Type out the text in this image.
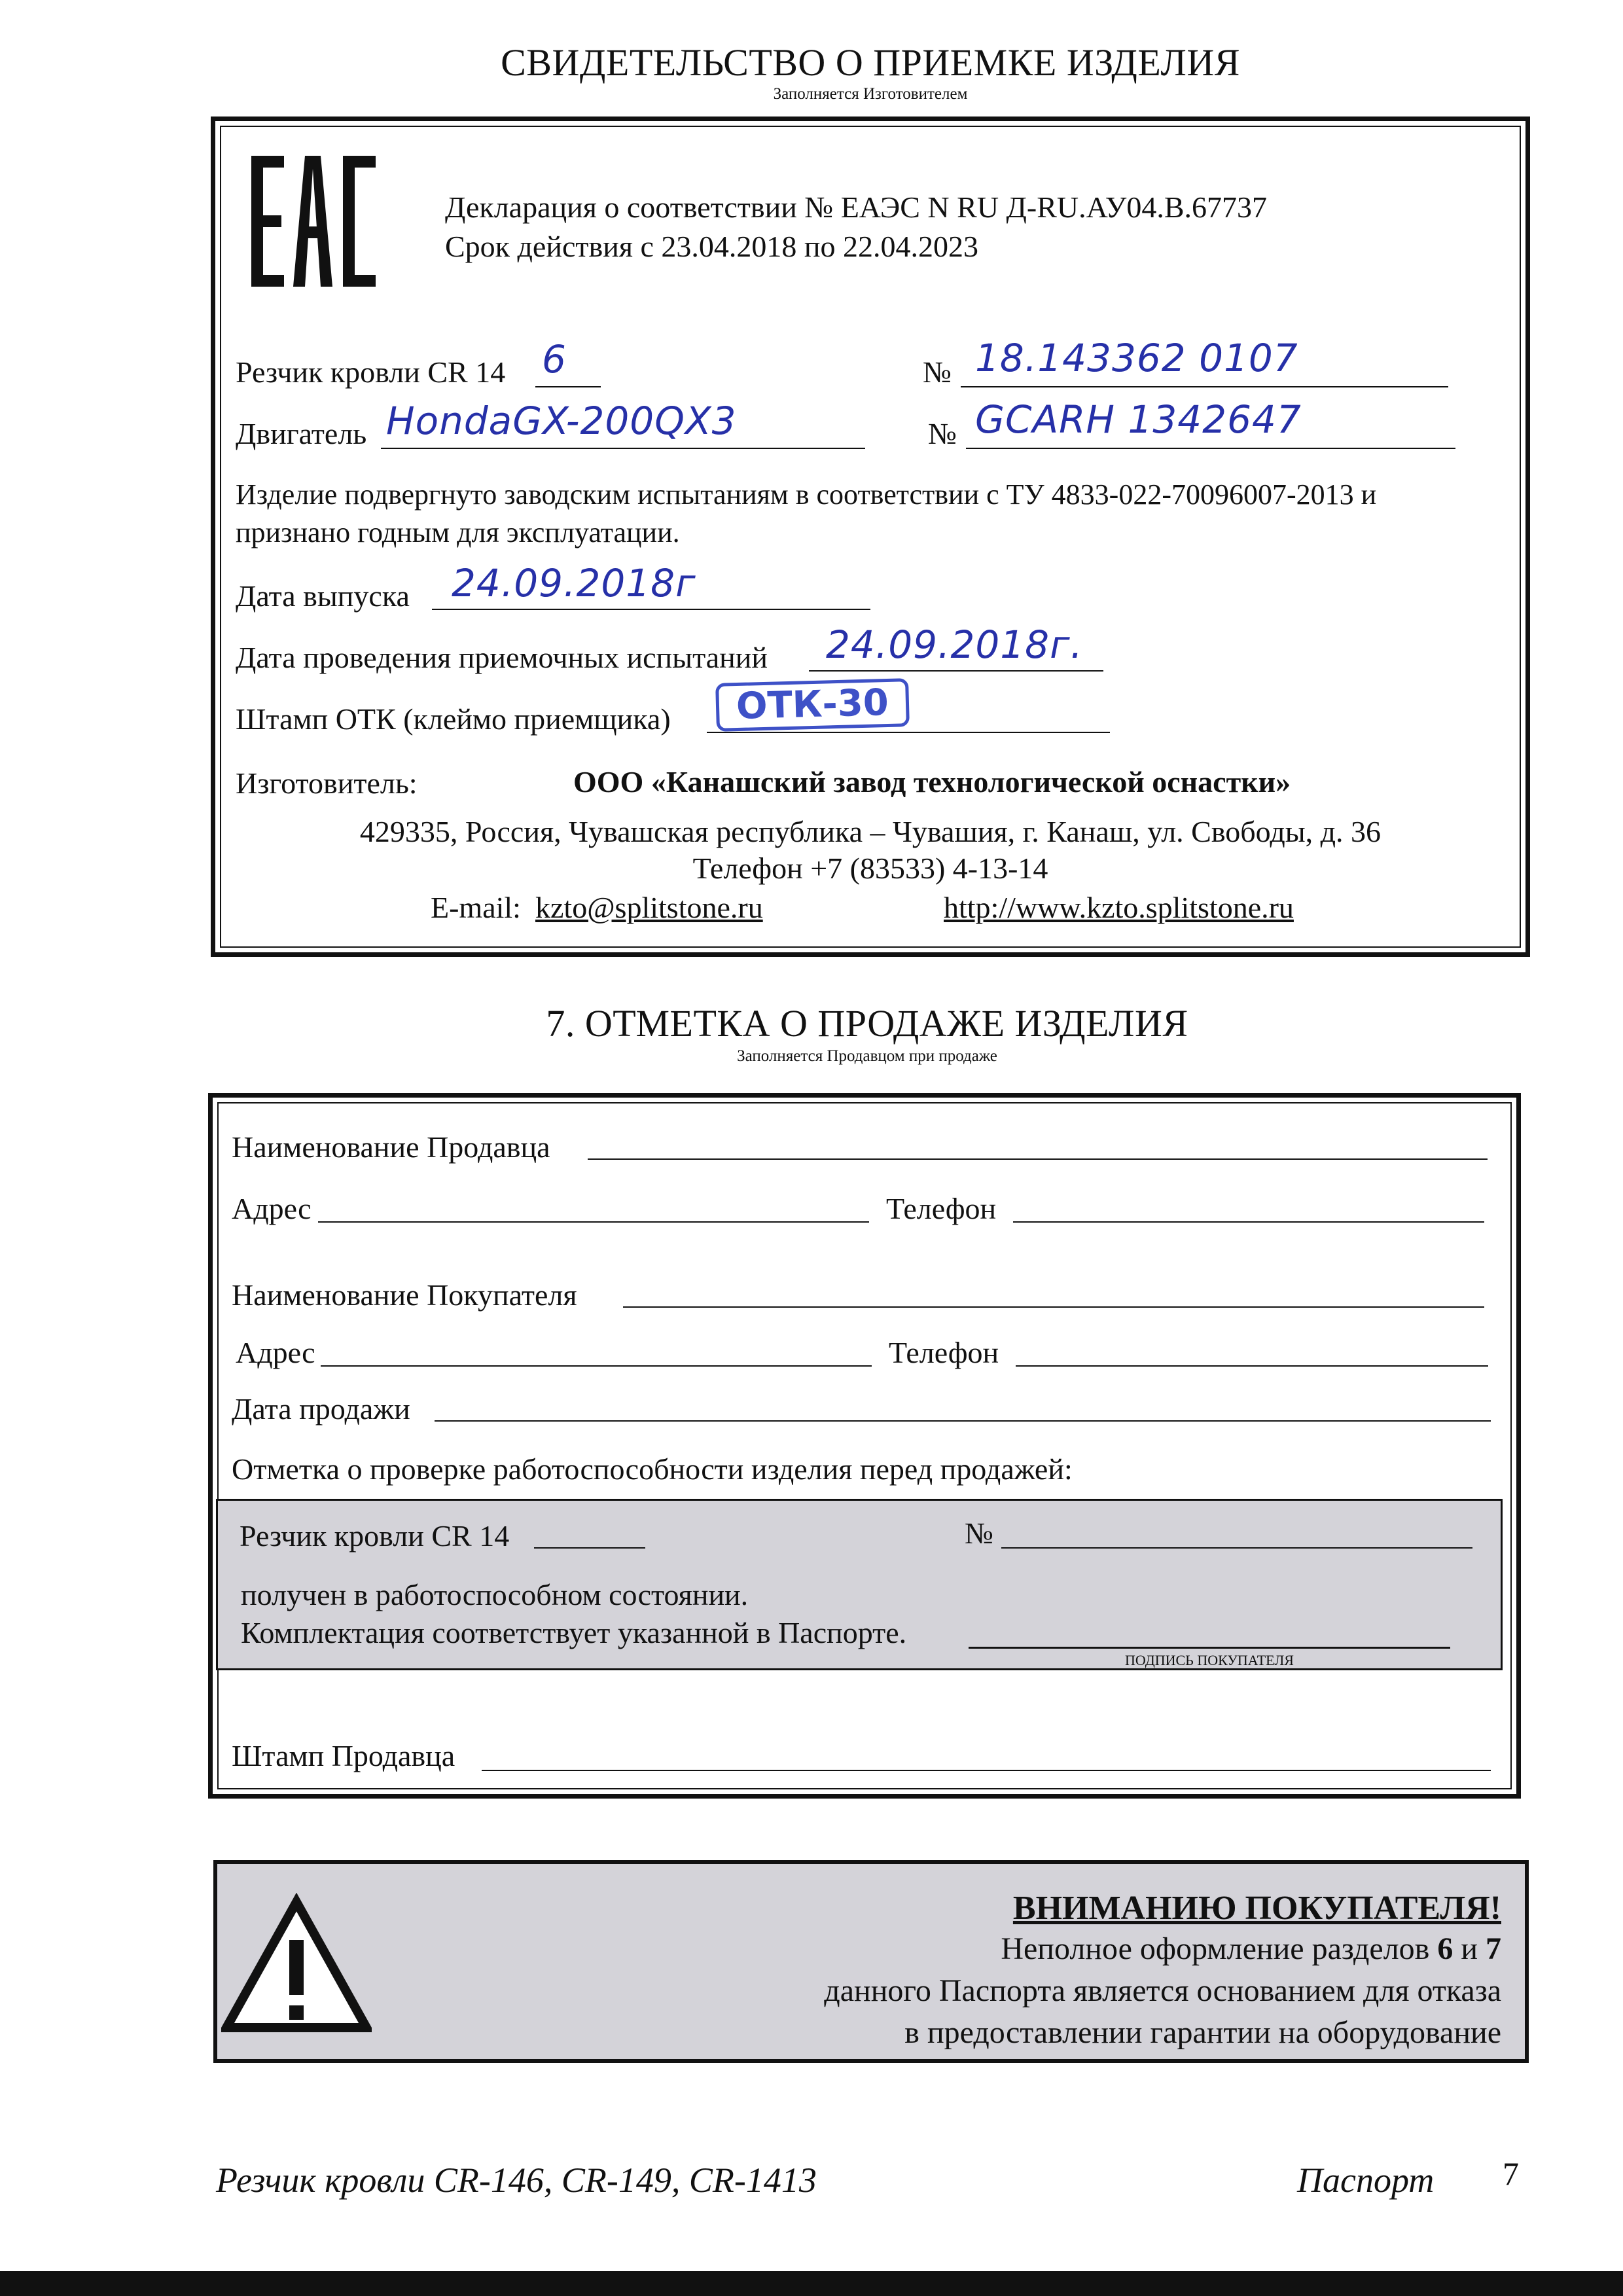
СВИДЕТЕЛЬСТВО О ПРИЕМКЕ ИЗДЕЛИЯ
Заполняется Изготовителем
Декларация о соответствии № ЕАЭС N RU Д-RU.АУ04.В.67737
Срок действия с 23.04.2018 по 22.04.2023
Резчик кровли CR 14 6	№ 18.143362 0107
Двигатель HondaGX-200QX3	№ GCARH 1342647
Изделие подвергнуто заводским испытаниям в соответствии с ТУ 4833-022-70096007-2013 и
признано годным для эксплуатации.
Дата выпуска 24.09.2018г
Дата проведения приемочных испытаний 24.09.2018г.
Штамп ОТК (клеймо приемщика)	ОТК-30
Изготовитель:	ООО «Канашский завод технологической оснастки»
429335, Россия, Чувашская республика – Чувашия, г. Канаш, ул. Свободы, д. 36
Телефон +7 (83533) 4-13-14
E-mail: kzto@splitstone.ru	http://www.kzto.splitstone.ru
7. ОТМЕТКА О ПРОДАЖЕ ИЗДЕЛИЯ
Заполняется Продавцом при продаже
Наименование Продавца
Адрес	Телефон
Наименование Покупателя
Адрес	Телефон
Дата продажи
Отметка о проверке работоспособности изделия перед продажей:
Резчик кровли CR 14	№
получен в работоспособном состоянии.
Комплектация соответствует указанной в Паспорте.
ПОДПИСЬ ПОКУПАТЕЛЯ
Штамп Продавца
ВНИМАНИЮ ПОКУПАТЕЛЯ!
Неполное оформление разделов 6 и 7
данного Паспорта является основанием для отказа
в предоставлении гарантии на оборудование
Резчик кровли CR-146, CR-149, CR-1413	Паспорт 7
